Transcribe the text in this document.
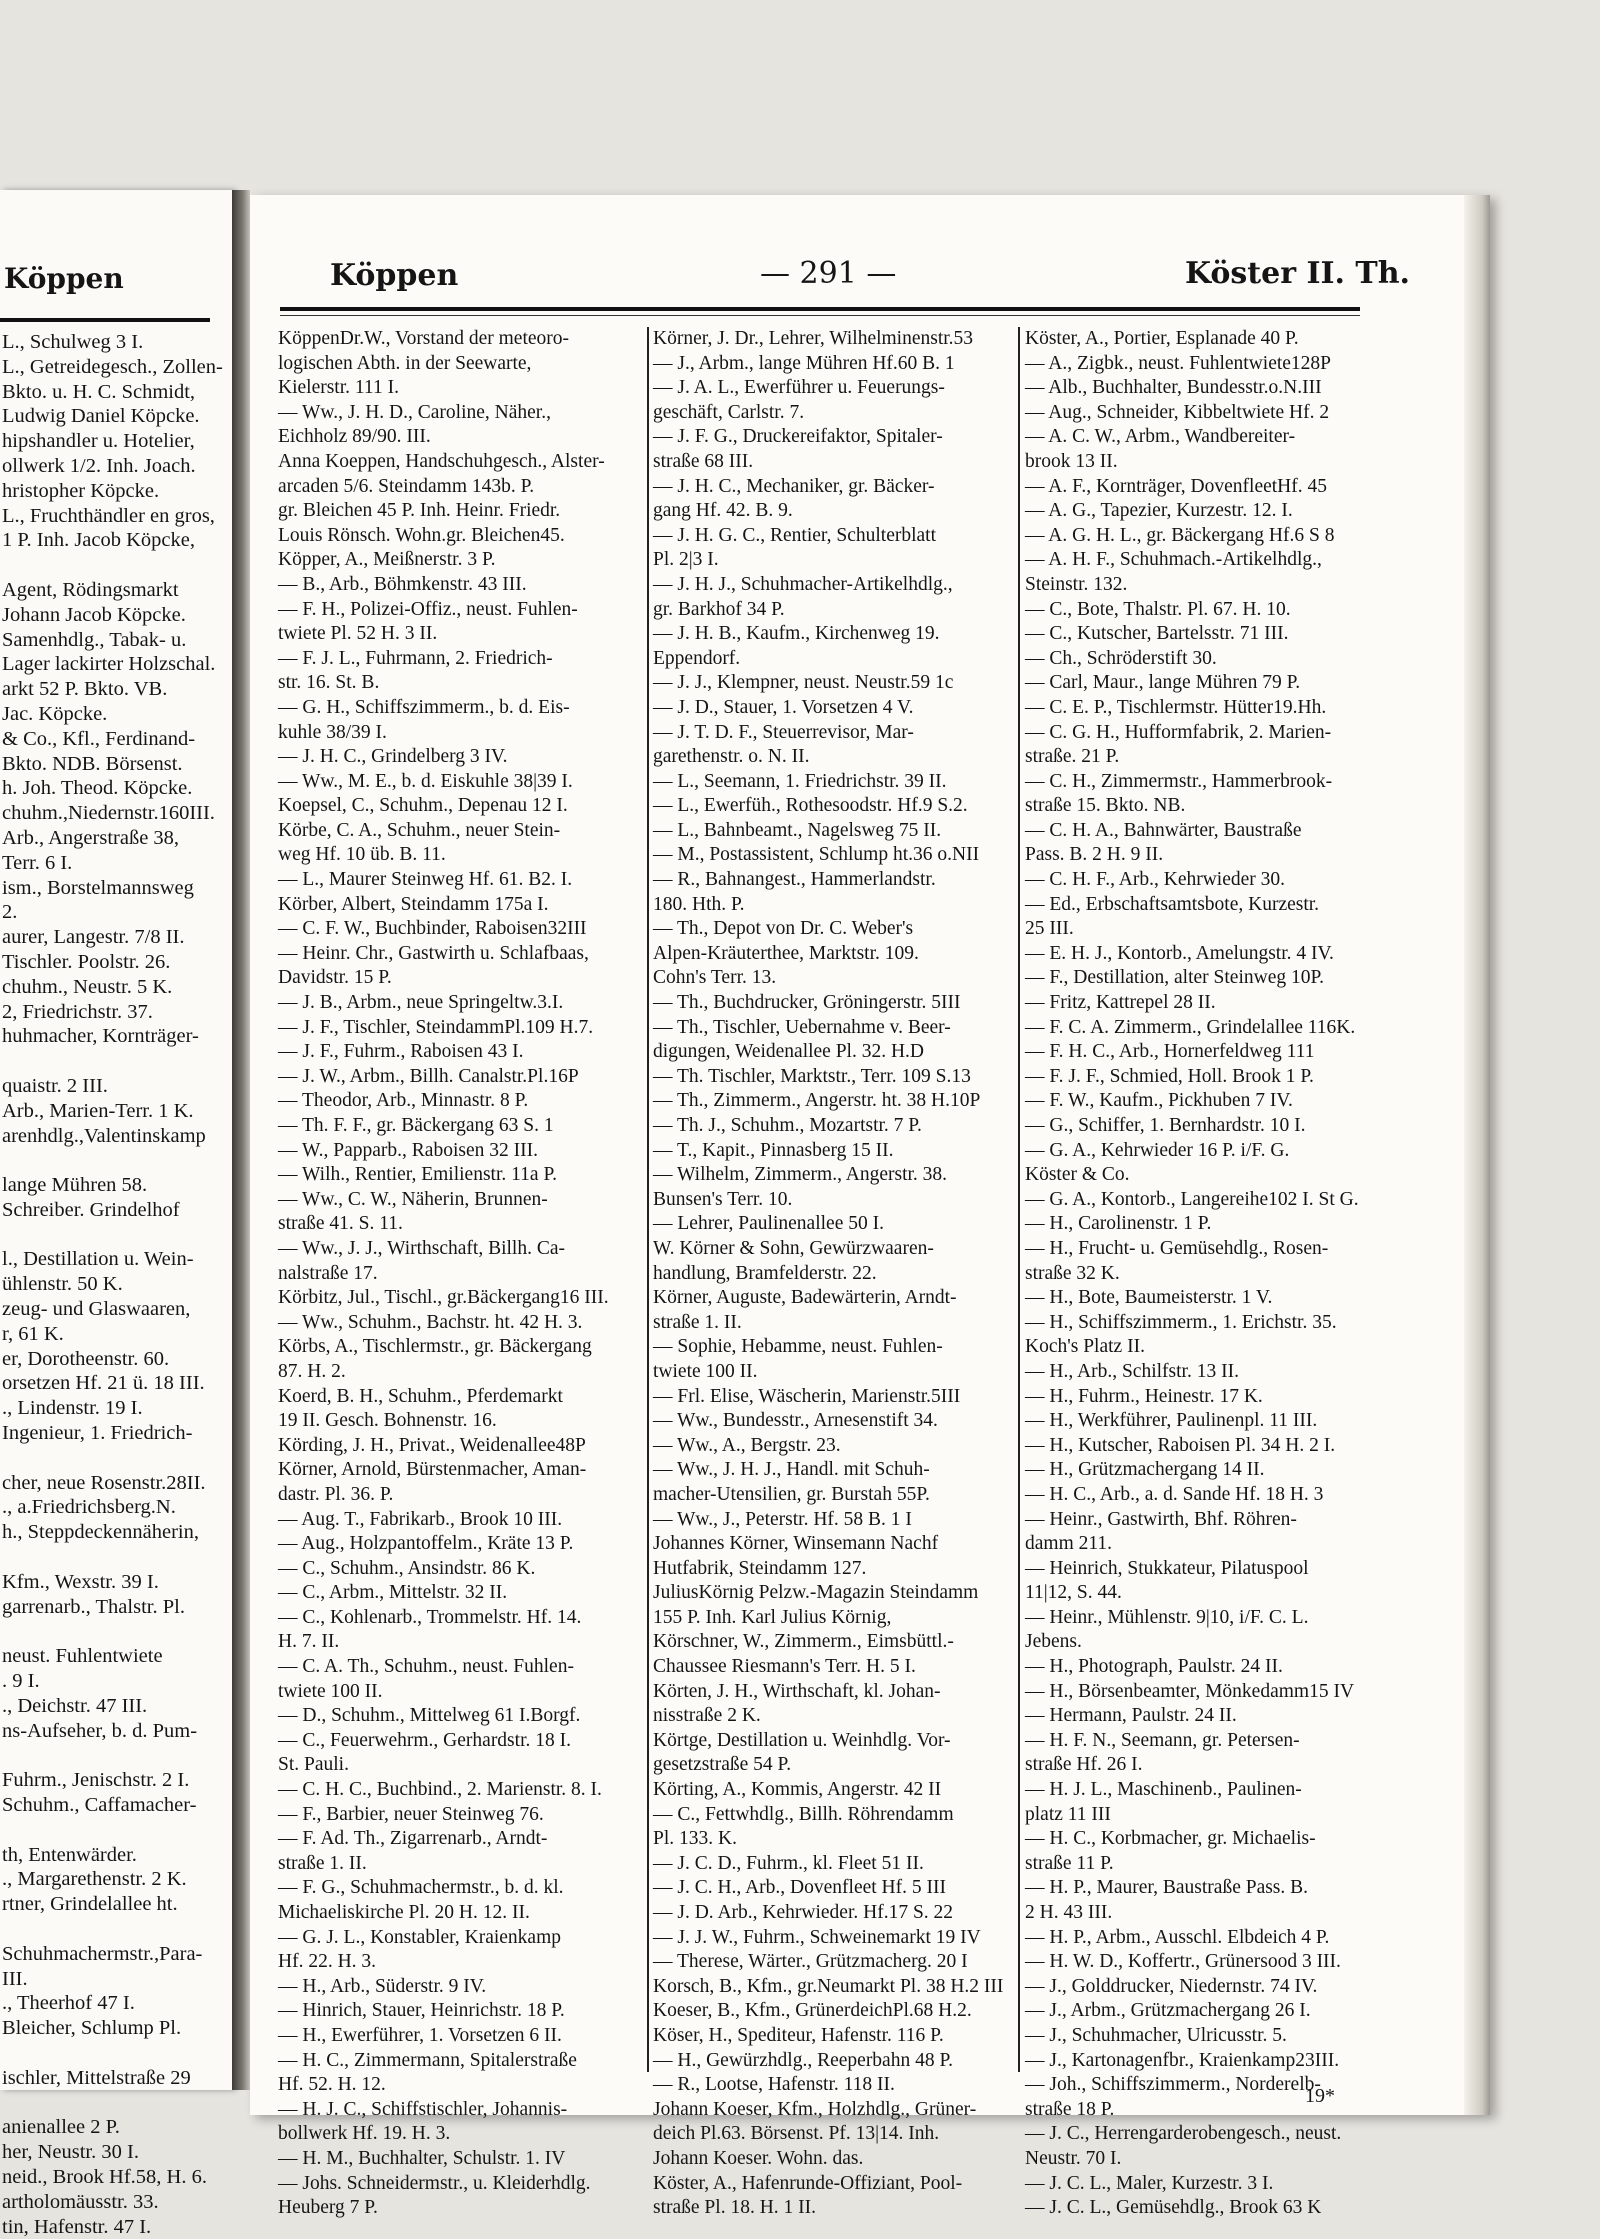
Köppen
L., Schulweg 3 I.
L., Getreidegesch., Zollen-
Bkto. u. H. C. Schmidt,
Ludwig Daniel Köpcke.
hipshandler u. Hotelier,
ollwerk 1/2. Inh. Joach.
hristopher Köpcke.
L., Fruchthändler en gros,
1 P. Inh. Jacob Köpcke,

Agent, Rödingsmarkt
Johann Jacob Köpcke.
Samenhdlg., Tabak- u.
Lager lackirter Holzschal.
arkt 52 P. Bkto. VB.
Jac. Köpcke.
& Co., Kfl., Ferdinand-
Bkto. NDB. Börsenst.
h. Joh. Theod. Köpcke.
chuhm.,Niedernstr.160III.
Arb., Angerstraße 38,
Terr. 6 I.
ism., Borstelmannsweg
2.
aurer, Langestr. 7/8 II.
Tischler. Poolstr. 26.
chuhm., Neustr. 5 K.
2, Friedrichstr. 37.
huhmacher, Kornträger-

quaistr. 2 III.
Arb., Marien-Terr. 1 K.
arenhdlg.,Valentinskamp

lange Mühren 58.
Schreiber. Grindelhof

l., Destillation u. Wein-
ühlenstr. 50 K.
zeug- und Glaswaaren,
r, 61 K.
er, Dorotheenstr. 60.
orsetzen Hf. 21 ü. 18 III.
., Lindenstr. 19 I.
Ingenieur, 1. Friedrich-

cher, neue Rosenstr.28II.
., a.Friedrichsberg.N.
h., Steppdeckennäherin,

Kfm., Wexstr. 39 I.
garrenarb., Thalstr. Pl.

neust. Fuhlentwiete
. 9 I.
., Deichstr. 47 III.
ns-Aufseher, b. d. Pum-

Fuhrm., Jenischstr. 2 I.
Schuhm., Caffamacher-

th, Entenwärder.
., Margarethenstr. 2 K.
rtner, Grindelallee ht.

Schuhmachermstr.,Para-
III.
., Theerhof 47 I.
Bleicher, Schlump Pl.

ischler, Mittelstraße 29

anienallee 2 P.
her, Neustr. 30 I.
neid., Brook Hf.58, H. 6.
artholomäusstr. 33.
tin, Hafenstr. 47 I.
Köppen	— 291 —	Köster II. Th.
KöppenDr.W., Vorstand der meteoro-
logischen Abth. in der Seewarte,
Kielerstr. 111 I.
— Ww., J. H. D., Caroline, Näher.,
Eichholz 89/90. III.
Anna Koeppen, Handschuhgesch., Alster-
arcaden 5/6. Steindamm 143b. P.
gr. Bleichen 45 P. Inh. Heinr. Friedr.
Louis Rönsch. Wohn.gr. Bleichen45.
Köpper, A., Meißnerstr. 3 P.
— B., Arb., Böhmkenstr. 43 III.
— F. H., Polizei-Offiz., neust. Fuhlen-
twiete Pl. 52 H. 3 II.
— F. J. L., Fuhrmann, 2. Friedrich-
str. 16. St. B.
— G. H., Schiffszimmerm., b. d. Eis-
kuhle 38/39 I.
— J. H. C., Grindelberg 3 IV.
— Ww., M. E., b. d. Eiskuhle 38|39 I.
Koepsel, C., Schuhm., Depenau 12 I.
Körbe, C. A., Schuhm., neuer Stein-
weg Hf. 10 üb. B. 11.
— L., Maurer Steinweg Hf. 61. B2. I.
Körber, Albert, Steindamm 175a I.
— C. F. W., Buchbinder, Raboisen32III
— Heinr. Chr., Gastwirth u. Schlafbaas,
Davidstr. 15 P.
— J. B., Arbm., neue Springeltw.3.I.
— J. F., Tischler, SteindammPl.109 H.7.
— J. F., Fuhrm., Raboisen 43 I.
— J. W., Arbm., Billh. Canalstr.Pl.16P
— Theodor, Arb., Minnastr. 8 P.
— Th. F. F., gr. Bäckergang 63 S. 1
— W., Papparb., Raboisen 32 III.
— Wilh., Rentier, Emilienstr. 11a P.
— Ww., C. W., Näherin, Brunnen-
straße 41. S. 11.
— Ww., J. J., Wirthschaft, Billh. Ca-
nalstraße 17.
Körbitz, Jul., Tischl., gr.Bäckergang16 III.
— Ww., Schuhm., Bachstr. ht. 42 H. 3.
Körbs, A., Tischlermstr., gr. Bäckergang
87. H. 2.
Koerd, B. H., Schuhm., Pferdemarkt
19 II. Gesch. Bohnenstr. 16.
Körding, J. H., Privat., Weidenallee48P
Körner, Arnold, Bürstenmacher, Aman-
dastr. Pl. 36. P.
— Aug. T., Fabrikarb., Brook 10 III.
— Aug., Holzpantoffelm., Kräte 13 P.
— C., Schuhm., Ansindstr. 86 K.
— C., Arbm., Mittelstr. 32 II.
— C., Kohlenarb., Trommelstr. Hf. 14.
H. 7. II.
— C. A. Th., Schuhm., neust. Fuhlen-
twiete 100 II.
— D., Schuhm., Mittelweg 61 I.Borgf.
— C., Feuerwehrm., Gerhardstr. 18 I.
St. Pauli.
— C. H. C., Buchbind., 2. Marienstr. 8. I.
— F., Barbier, neuer Steinweg 76.
— F. Ad. Th., Zigarrenarb., Arndt-
straße 1. II.
— F. G., Schuhmachermstr., b. d. kl.
Michaeliskirche Pl. 20 H. 12. II.
— G. J. L., Konstabler, Kraienkamp
Hf. 22. H. 3.
— H., Arb., Süderstr. 9 IV.
— Hinrich, Stauer, Heinrichstr. 18 P.
— H., Ewerführer, 1. Vorsetzen 6 II.
— H. C., Zimmermann, Spitalerstraße
Hf. 52. H. 12.
— H. J. C., Schiffstischler, Johannis-
bollwerk Hf. 19. H. 3.
— H. M., Buchhalter, Schulstr. 1. IV
— Johs. Schneidermstr., u. Kleiderhdlg.
Heuberg 7 P.
Körner, J. Dr., Lehrer, Wilhelminenstr.53
— J., Arbm., lange Mühren Hf.60 B. 1
— J. A. L., Ewerführer u. Feuerungs-
geschäft, Carlstr. 7.
— J. F. G., Druckereifaktor, Spitaler-
straße 68 III.
— J. H. C., Mechaniker, gr. Bäcker-
gang Hf. 42. B. 9.
— J. H. G. C., Rentier, Schulterblatt
Pl. 2|3 I.
— J. H. J., Schuhmacher-Artikelhdlg.,
gr. Barkhof 34 P.
— J. H. B., Kaufm., Kirchenweg 19.
Eppendorf.
— J. J., Klempner, neust. Neustr.59 1c
— J. D., Stauer, 1. Vorsetzen 4 V.
— J. T. D. F., Steuerrevisor, Mar-
garethenstr. o. N. II.
— L., Seemann, 1. Friedrichstr. 39 II.
— L., Ewerfüh., Rothesoodstr. Hf.9 S.2.
— L., Bahnbeamt., Nagelsweg 75 II.
— M., Postassistent, Schlump ht.36 o.NII
— R., Bahnangest., Hammerlandstr.
180. Hth. P.
— Th., Depot von Dr. C. Weber's
Alpen-Kräuterthee, Marktstr. 109.
Cohn's Terr. 13.
— Th., Buchdrucker, Gröningerstr. 5III
— Th., Tischler, Uebernahme v. Beer-
digungen, Weidenallee Pl. 32. H.D
— Th. Tischler, Marktstr., Terr. 109 S.13
— Th., Zimmerm., Angerstr. ht. 38 H.10P
— Th. J., Schuhm., Mozartstr. 7 P.
— T., Kapit., Pinnasberg 15 II.
— Wilhelm, Zimmerm., Angerstr. 38.
Bunsen's Terr. 10.
— Lehrer, Paulinenallee 50 I.
W. Körner & Sohn, Gewürzwaaren-
handlung, Bramfelderstr. 22.
Körner, Auguste, Badewärterin, Arndt-
straße 1. II.
— Sophie, Hebamme, neust. Fuhlen-
twiete 100 II.
— Frl. Elise, Wäscherin, Marienstr.5III
— Ww., Bundesstr., Arnesenstift 34.
— Ww., A., Bergstr. 23.
— Ww., J. H. J., Handl. mit Schuh-
macher-Utensilien, gr. Burstah 55P.
— Ww., J., Peterstr. Hf. 58 B. 1 I
Johannes Körner, Winsemann Nachf
Hutfabrik, Steindamm 127.
JuliusKörnig Pelzw.-Magazin Steindamm
155 P. Inh. Karl Julius Körnig,
Körschner, W., Zimmerm., Eimsbüttl.-
Chaussee Riesmann's Terr. H. 5 I.
Körten, J. H., Wirthschaft, kl. Johan-
nisstraße 2 K.
Körtge, Destillation u. Weinhdlg. Vor-
gesetzstraße 54 P.
Körting, A., Kommis, Angerstr. 42 II
— C., Fettwhdlg., Billh. Röhrendamm
Pl. 133. K.
— J. C. D., Fuhrm., kl. Fleet 51 II.
— J. C. H., Arb., Dovenfleet Hf. 5 III
— J. D. Arb., Kehrwieder. Hf.17 S. 22
— J. J. W., Fuhrm., Schweinemarkt 19 IV
— Therese, Wärter., Grützmacherg. 20 I
Korsch, B., Kfm., gr.Neumarkt Pl. 38 H.2 III
Koeser, B., Kfm., GrünerdeichPl.68 H.2.
Köser, H., Spediteur, Hafenstr. 116 P.
— H., Gewürzhdlg., Reeperbahn 48 P.
— R., Lootse, Hafenstr. 118 II.
Johann Koeser, Kfm., Holzhdlg., Grüner-
deich Pl.63. Börsenst. Pf. 13|14. Inh.
Johann Koeser. Wohn. das.
Köster, A., Hafenrunde-Offiziant, Pool-
straße Pl. 18. H. 1 II.
Köster, A., Portier, Esplanade 40 P.
— A., Zigbk., neust. Fuhlentwiete128P
— Alb., Buchhalter, Bundesstr.o.N.III
— Aug., Schneider, Kibbeltwiete Hf. 2
— A. C. W., Arbm., Wandbereiter-
brook 13 II.
— A. F., Kornträger, DovenfleetHf. 45
— A. G., Tapezier, Kurzestr. 12. I.
— A. G. H. L., gr. Bäckergang Hf.6 S 8
— A. H. F., Schuhmach.-Artikelhdlg.,
Steinstr. 132.
— C., Bote, Thalstr. Pl. 67. H. 10.
— C., Kutscher, Bartelsstr. 71 III.
— Ch., Schröderstift 30.
— Carl, Maur., lange Mühren 79 P.
— C. E. P., Tischlermstr. Hütter19.Hh.
— C. G. H., Hufformfabrik, 2. Marien-
straße. 21 P.
— C. H., Zimmermstr., Hammerbrook-
straße 15. Bkto. NB.
— C. H. A., Bahnwärter, Baustraße
Pass. B. 2 H. 9 II.
— C. H. F., Arb., Kehrwieder 30.
— Ed., Erbschaftsamtsbote, Kurzestr.
25 III.
— E. H. J., Kontorb., Amelungstr. 4 IV.
— F., Destillation, alter Steinweg 10P.
— Fritz, Kattrepel 28 II.
— F. C. A. Zimmerm., Grindelallee 116K.
— F. H. C., Arb., Hornerfeldweg 111
— F. J. F., Schmied, Holl. Brook 1 P.
— F. W., Kaufm., Pickhuben 7 IV.
— G., Schiffer, 1. Bernhardstr. 10 I.
— G. A., Kehrwieder 16 P. i/F. G.
Köster & Co.
— G. A., Kontorb., Langereihe102 I. St G.
— H., Carolinenstr. 1 P.
— H., Frucht- u. Gemüsehdlg., Rosen-
straße 32 K.
— H., Bote, Baumeisterstr. 1 V.
— H., Schiffszimmerm., 1. Erichstr. 35.
Koch's Platz II.
— H., Arb., Schilfstr. 13 II.
— H., Fuhrm., Heinestr. 17 K.
— H., Werkführer, Paulinenpl. 11 III.
— H., Kutscher, Raboisen Pl. 34 H. 2 I.
— H., Grützmachergang 14 II.
— H. C., Arb., a. d. Sande Hf. 18 H. 3
— Heinr., Gastwirth, Bhf. Röhren-
damm 211.
— Heinrich, Stukkateur, Pilatuspool
11|12, S. 44.
— Heinr., Mühlenstr. 9|10, i/F. C. L.
Jebens.
— H., Photograph, Paulstr. 24 II.
— H., Börsenbeamter, Mönkedamm15 IV
— Hermann, Paulstr. 24 II.
— H. F. N., Seemann, gr. Petersen-
straße Hf. 26 I.
— H. J. L., Maschinenb., Paulinen-
platz 11 III
— H. C., Korbmacher, gr. Michaelis-
straße 11 P.
— H. P., Maurer, Baustraße Pass. B.
2 H. 43 III.
— H. P., Arbm., Ausschl. Elbdeich 4 P.
— H. W. D., Koffertr., Grünersood 3 III.
— J., Golddrucker, Niedernstr. 74 IV.
— J., Arbm., Grützmachergang 26 I.
— J., Schuhmacher, Ulricusstr. 5.
— J., Kartonagenfbr., Kraienkamp23III.
— Joh., Schiffszimmerm., Norderelb-
straße 18 P.
— J. C., Herrengarderobengesch., neust.
Neustr. 70 I.
— J. C. L., Maler, Kurzestr. 3 I.
— J. C. L., Gemüsehdlg., Brook 63 K
19*
